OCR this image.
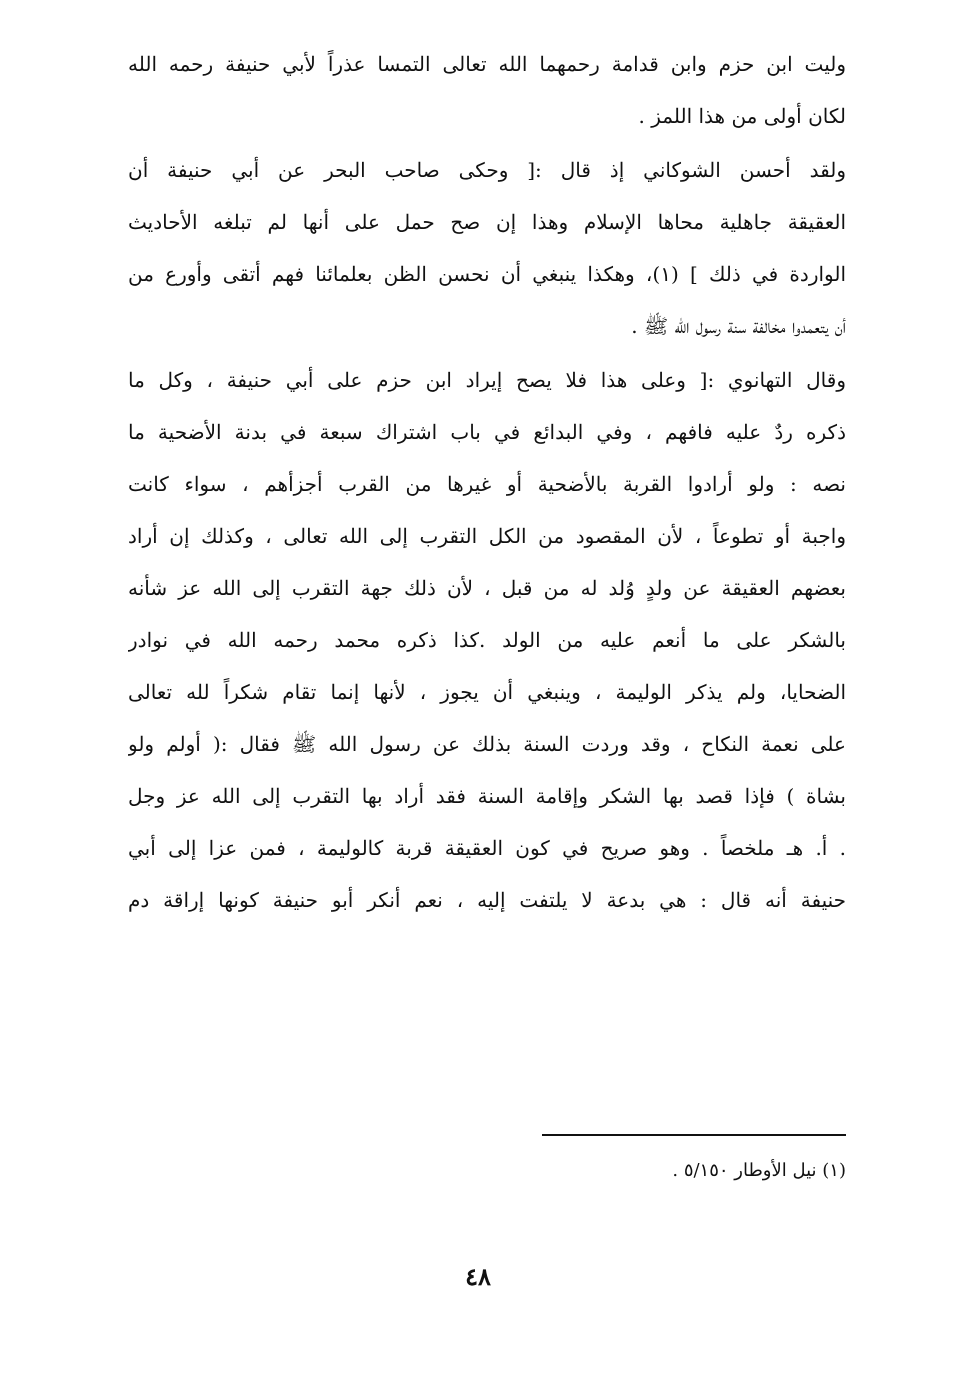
وليت ابن حزم وابن قدامة رحمهما الله تعالى التمسا عذراً لأبي حنيفة رحمه الله
لكان أولى من هذا اللمز .
ولقد أحسن الشوكاني إذ قال :[ وحكى صاحب البحر عن أبي حنيفة أن
العقيقة جاهلية محاها الإسلام وهذا إن صح حمل على أنها لم تبلغه الأحاديث
الواردة في ذلك ] (١)، وهكذا ينبغي أن نحسن الظن بعلمائنا فهم أتقى وأورع من
أن يتعمدوا مخالفة سنة رسول الله ﷺ .
وقال التهانوي :[ وعلى هذا فلا يصح إيراد ابن حزم على أبي حنيفة ، وكل ما
ذكره ردٌ عليه فافهم ، وفي البدائع في باب اشتراك سبعة في بدنة الأضحية ما
نصه : ولو أرادوا القربة بالأضحية أو غيرها من القرب أجزأهم ، سواء كانت
واجبة أو تطوعاً ، لأن المقصود من الكل التقرب إلى الله تعالى ، وكذلك إن أراد
بعضهم العقيقة عن ولدٍ وُلد له من قبل ، لأن ذلك جهة التقرب إلى الله عز شأنه
بالشكر على ما أنعم عليه من الولد .كذا ذكره محمد رحمه الله في نوادر
الضحايا، ولم يذكر الوليمة ، وينبغي أن يجوز ، لأنها إنما تقام شكراً لله تعالى
على نعمة النكاح ، وقد وردت السنة بذلك عن رسول الله ﷺ فقال :( أولم ولو
بشاة ) فإذا قصد بها الشكر وإقامة السنة فقد أراد بها التقرب إلى الله عز وجل
. أ. هـ ملخصاً . وهو صريح في كون العقيقة قربة كالوليمة ، فمن عزا إلى أبي
حنيفة أنه قال : هي بدعة لا يلتفت إليه ، نعم أنكر أبو حنيفة كونها إراقة دم
(١) نيل الأوطار ٥/١٥٠ .
٤٨
